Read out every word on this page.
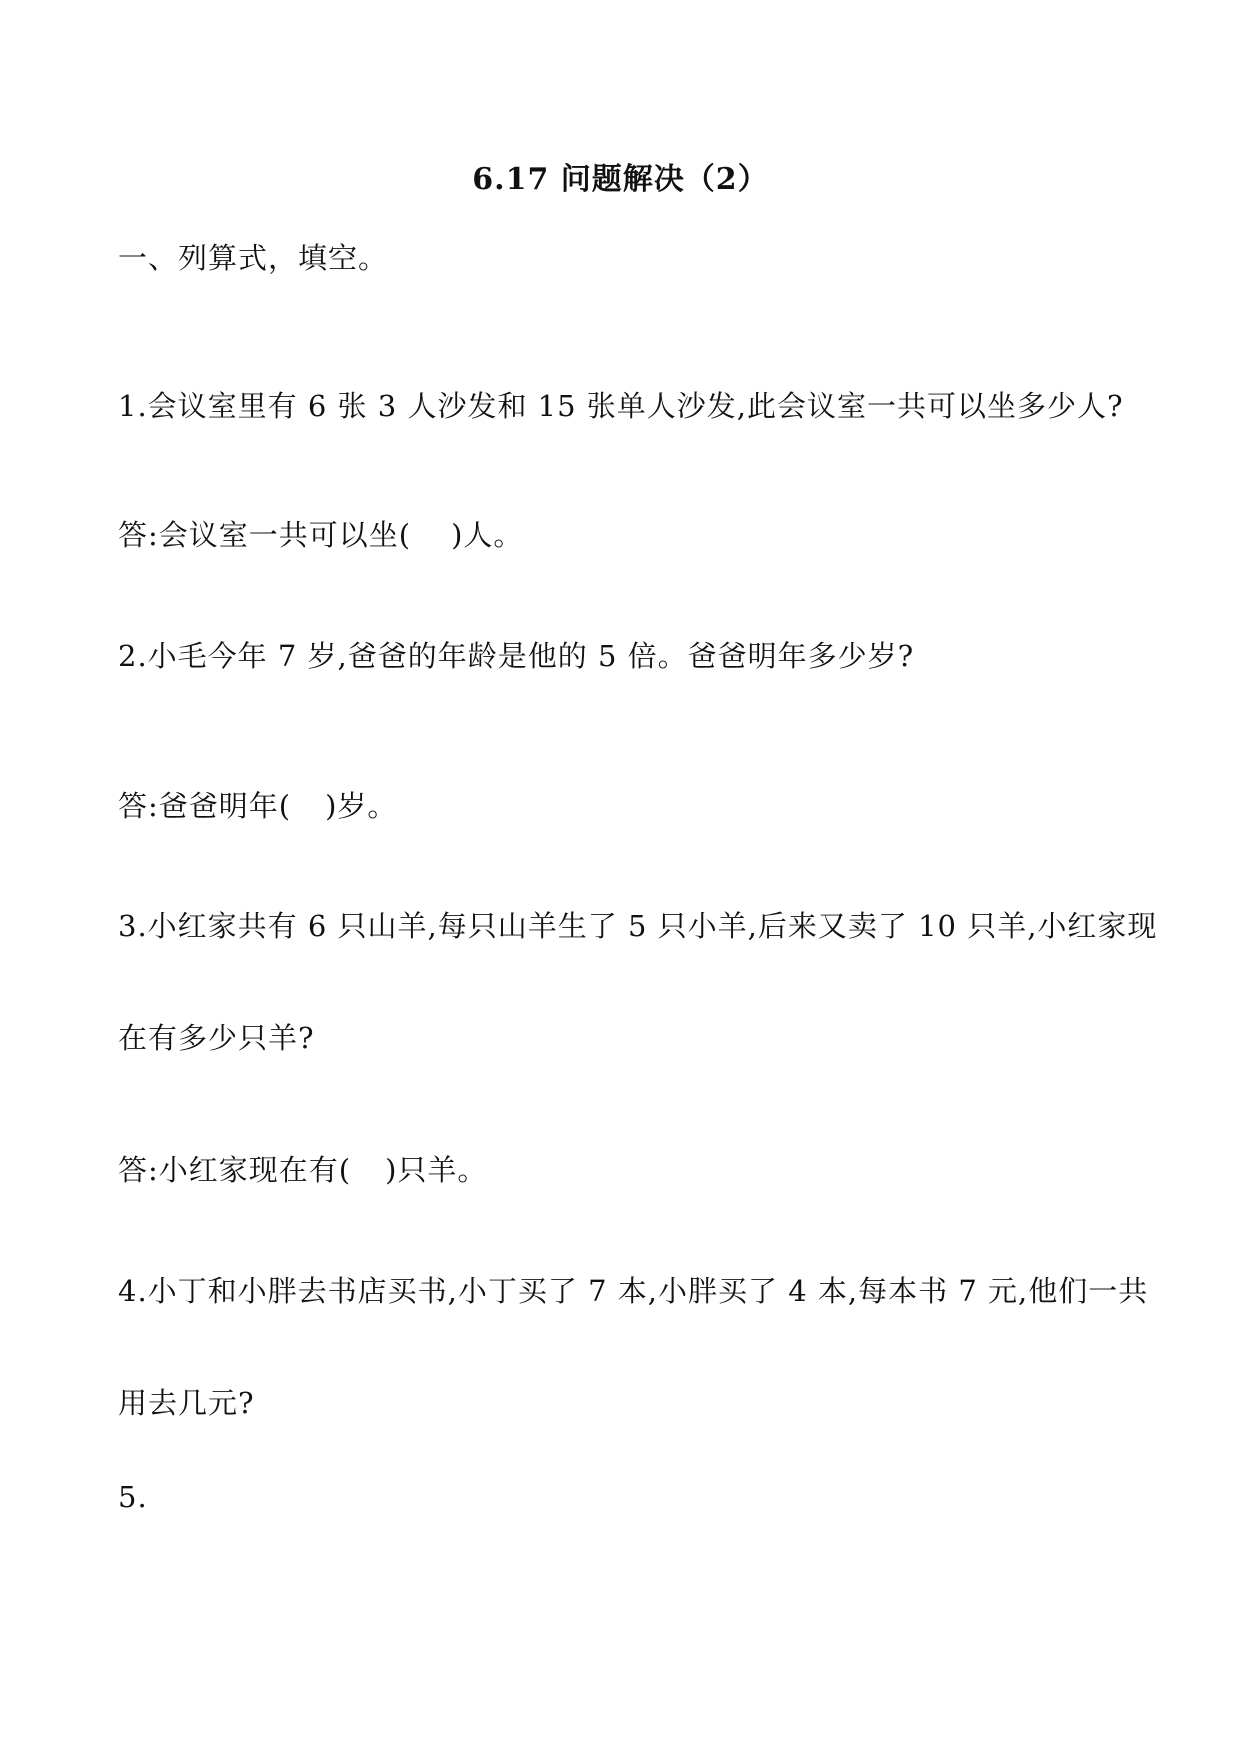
6.17 问题解决（2）
一、列算式，填空。
1.会议室里有 6 张 3 人沙发和 15 张单人沙发,此会议室一共可以坐多少人?
答:会议室一共可以坐( )人。
2.小毛今年 7 岁,爸爸的年龄是他的 5 倍。爸爸明年多少岁?
答:爸爸明年( )岁。
3.小红家共有 6 只山羊,每只山羊生了 5 只小羊,后来又卖了 10 只羊,小红家现
在有多少只羊?
答:小红家现在有( )只羊。
4.小丁和小胖去书店买书,小丁买了 7 本,小胖买了 4 本,每本书 7 元,他们一共
用去几元?
5.
